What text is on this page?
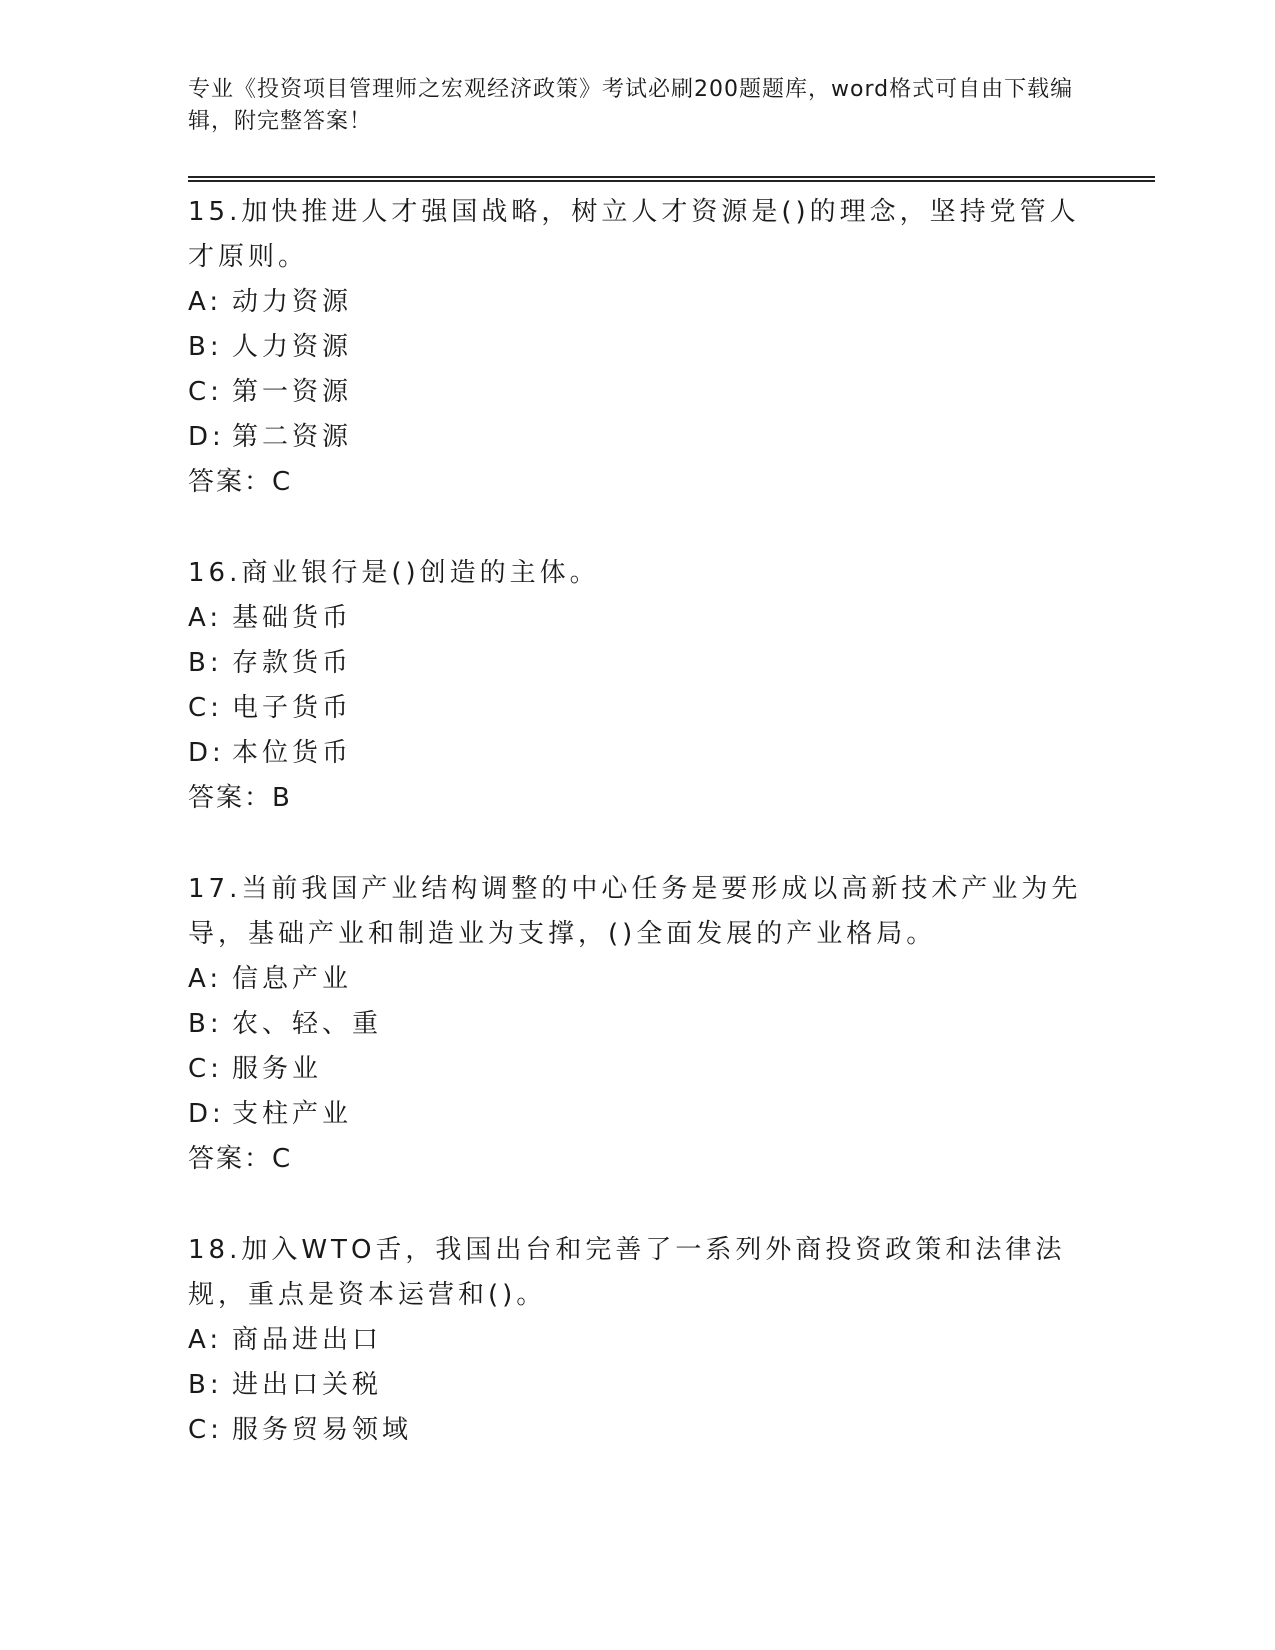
专业《投资项目管理师之宏观经济政策》考试必刷200题题库，word格式可自由下载编辑，附完整答案！

15.加快推进人才强国战略，树立人才资源是()的理念，坚持党管人才原则。

A: 动力资源
B: 人力资源
C: 第一资源
D: 第二资源
答案：C

16.商业银行是()创造的主体。

A: 基础货币
B: 存款货币
C: 电子货币
D: 本位货币
答案：B

17.当前我国产业结构调整的中心任务是要形成以高新技术产业为先导，基础产业和制造业为支撑，()全面发展的产业格局。

A: 信息产业
B: 农、轻、重
C: 服务业
D: 支柱产业
答案：C

18.加入WTO舌，我国出台和完善了一系列外商投资政策和法律法规，重点是资本运营和()。

A: 商品进出口
B: 进出口关税
C: 服务贸易领域
